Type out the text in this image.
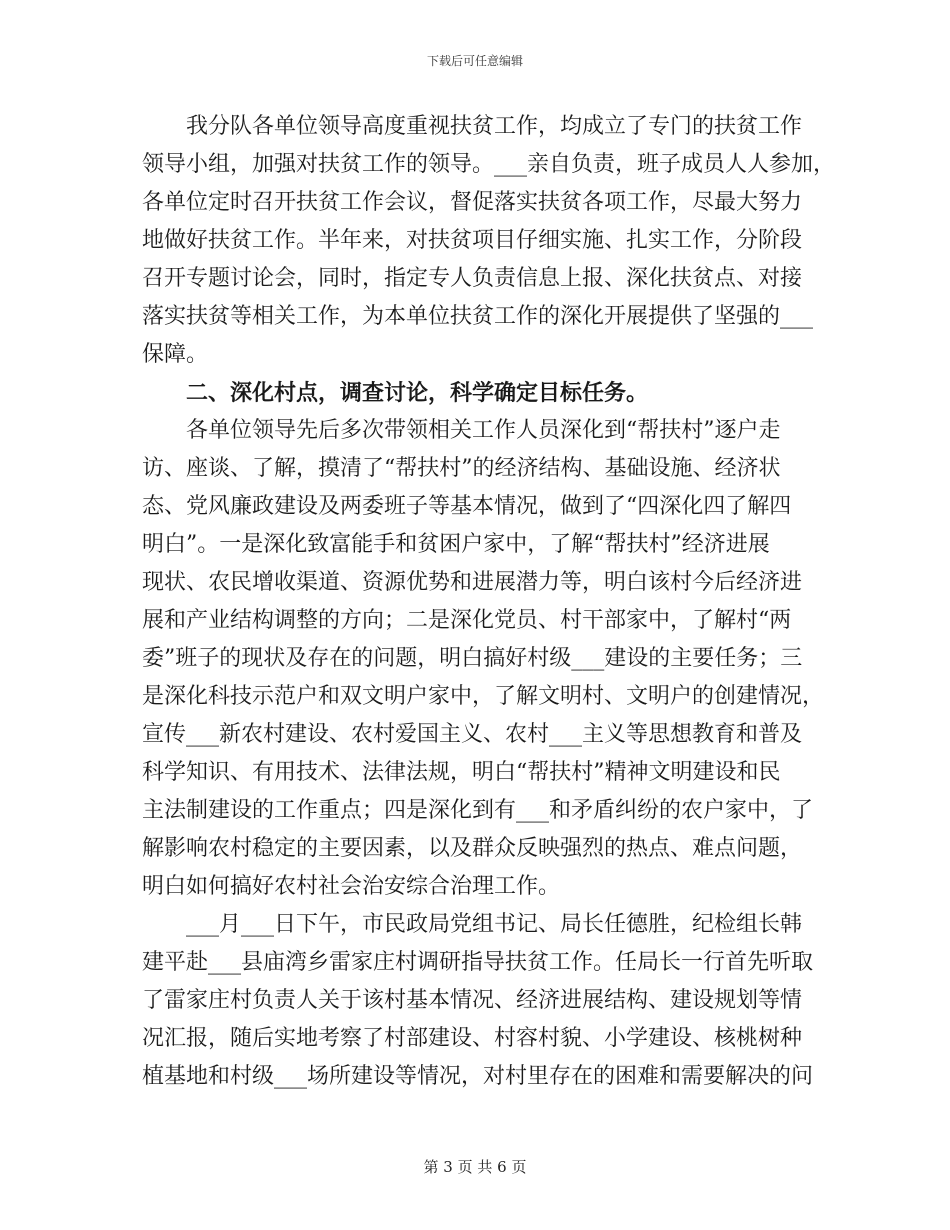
下载后可任意编辑
我分队各单位领导高度重视扶贫工作，均成立了专门的扶贫工作
领导小组，加强对扶贫工作的领导。___亲自负责，班子成员人人参加，
各单位定时召开扶贫工作会议，督促落实扶贫各项工作，尽最大努力
地做好扶贫工作。半年来，对扶贫项目仔细实施、扎实工作，分阶段
召开专题讨论会，同时，指定专人负责信息上报、深化扶贫点、对接
落实扶贫等相关工作，为本单位扶贫工作的深化开展提供了坚强的___
保障。
二、深化村点，调查讨论，科学确定目标任务。
各单位领导先后多次带领相关工作人员深化到“帮扶村”逐户走
访、座谈、了解，摸清了“帮扶村”的经济结构、基础设施、经济状
态、党风廉政建设及两委班子等基本情况，做到了“四深化四了解四
明白”。一是深化致富能手和贫困户家中，了解“帮扶村”经济进展
现状、农民增收渠道、资源优势和进展潜力等，明白该村今后经济进
展和产业结构调整的方向；二是深化党员、村干部家中，了解村“两
委”班子的现状及存在的问题，明白搞好村级___建设的主要任务；三
是深化科技示范户和双文明户家中，了解文明村、文明户的创建情况，
宣传___新农村建设、农村爱国主义、农村___主义等思想教育和普及
科学知识、有用技术、法律法规，明白“帮扶村”精神文明建设和民
主法制建设的工作重点；四是深化到有___和矛盾纠纷的农户家中，了
解影响农村稳定的主要因素，以及群众反映强烈的热点、难点问题，
明白如何搞好农村社会治安综合治理工作。
___月___日下午，市民政局党组书记、局长任德胜，纪检组长韩
建平赴___县庙湾乡雷家庄村调研指导扶贫工作。任局长一行首先听取
了雷家庄村负责人关于该村基本情况、经济进展结构、建设规划等情
况汇报，随后实地考察了村部建设、村容村貌、小学建设、核桃树种
植基地和村级___场所建设等情况，对村里存在的困难和需要解决的问
第 3 页 共 6 页
